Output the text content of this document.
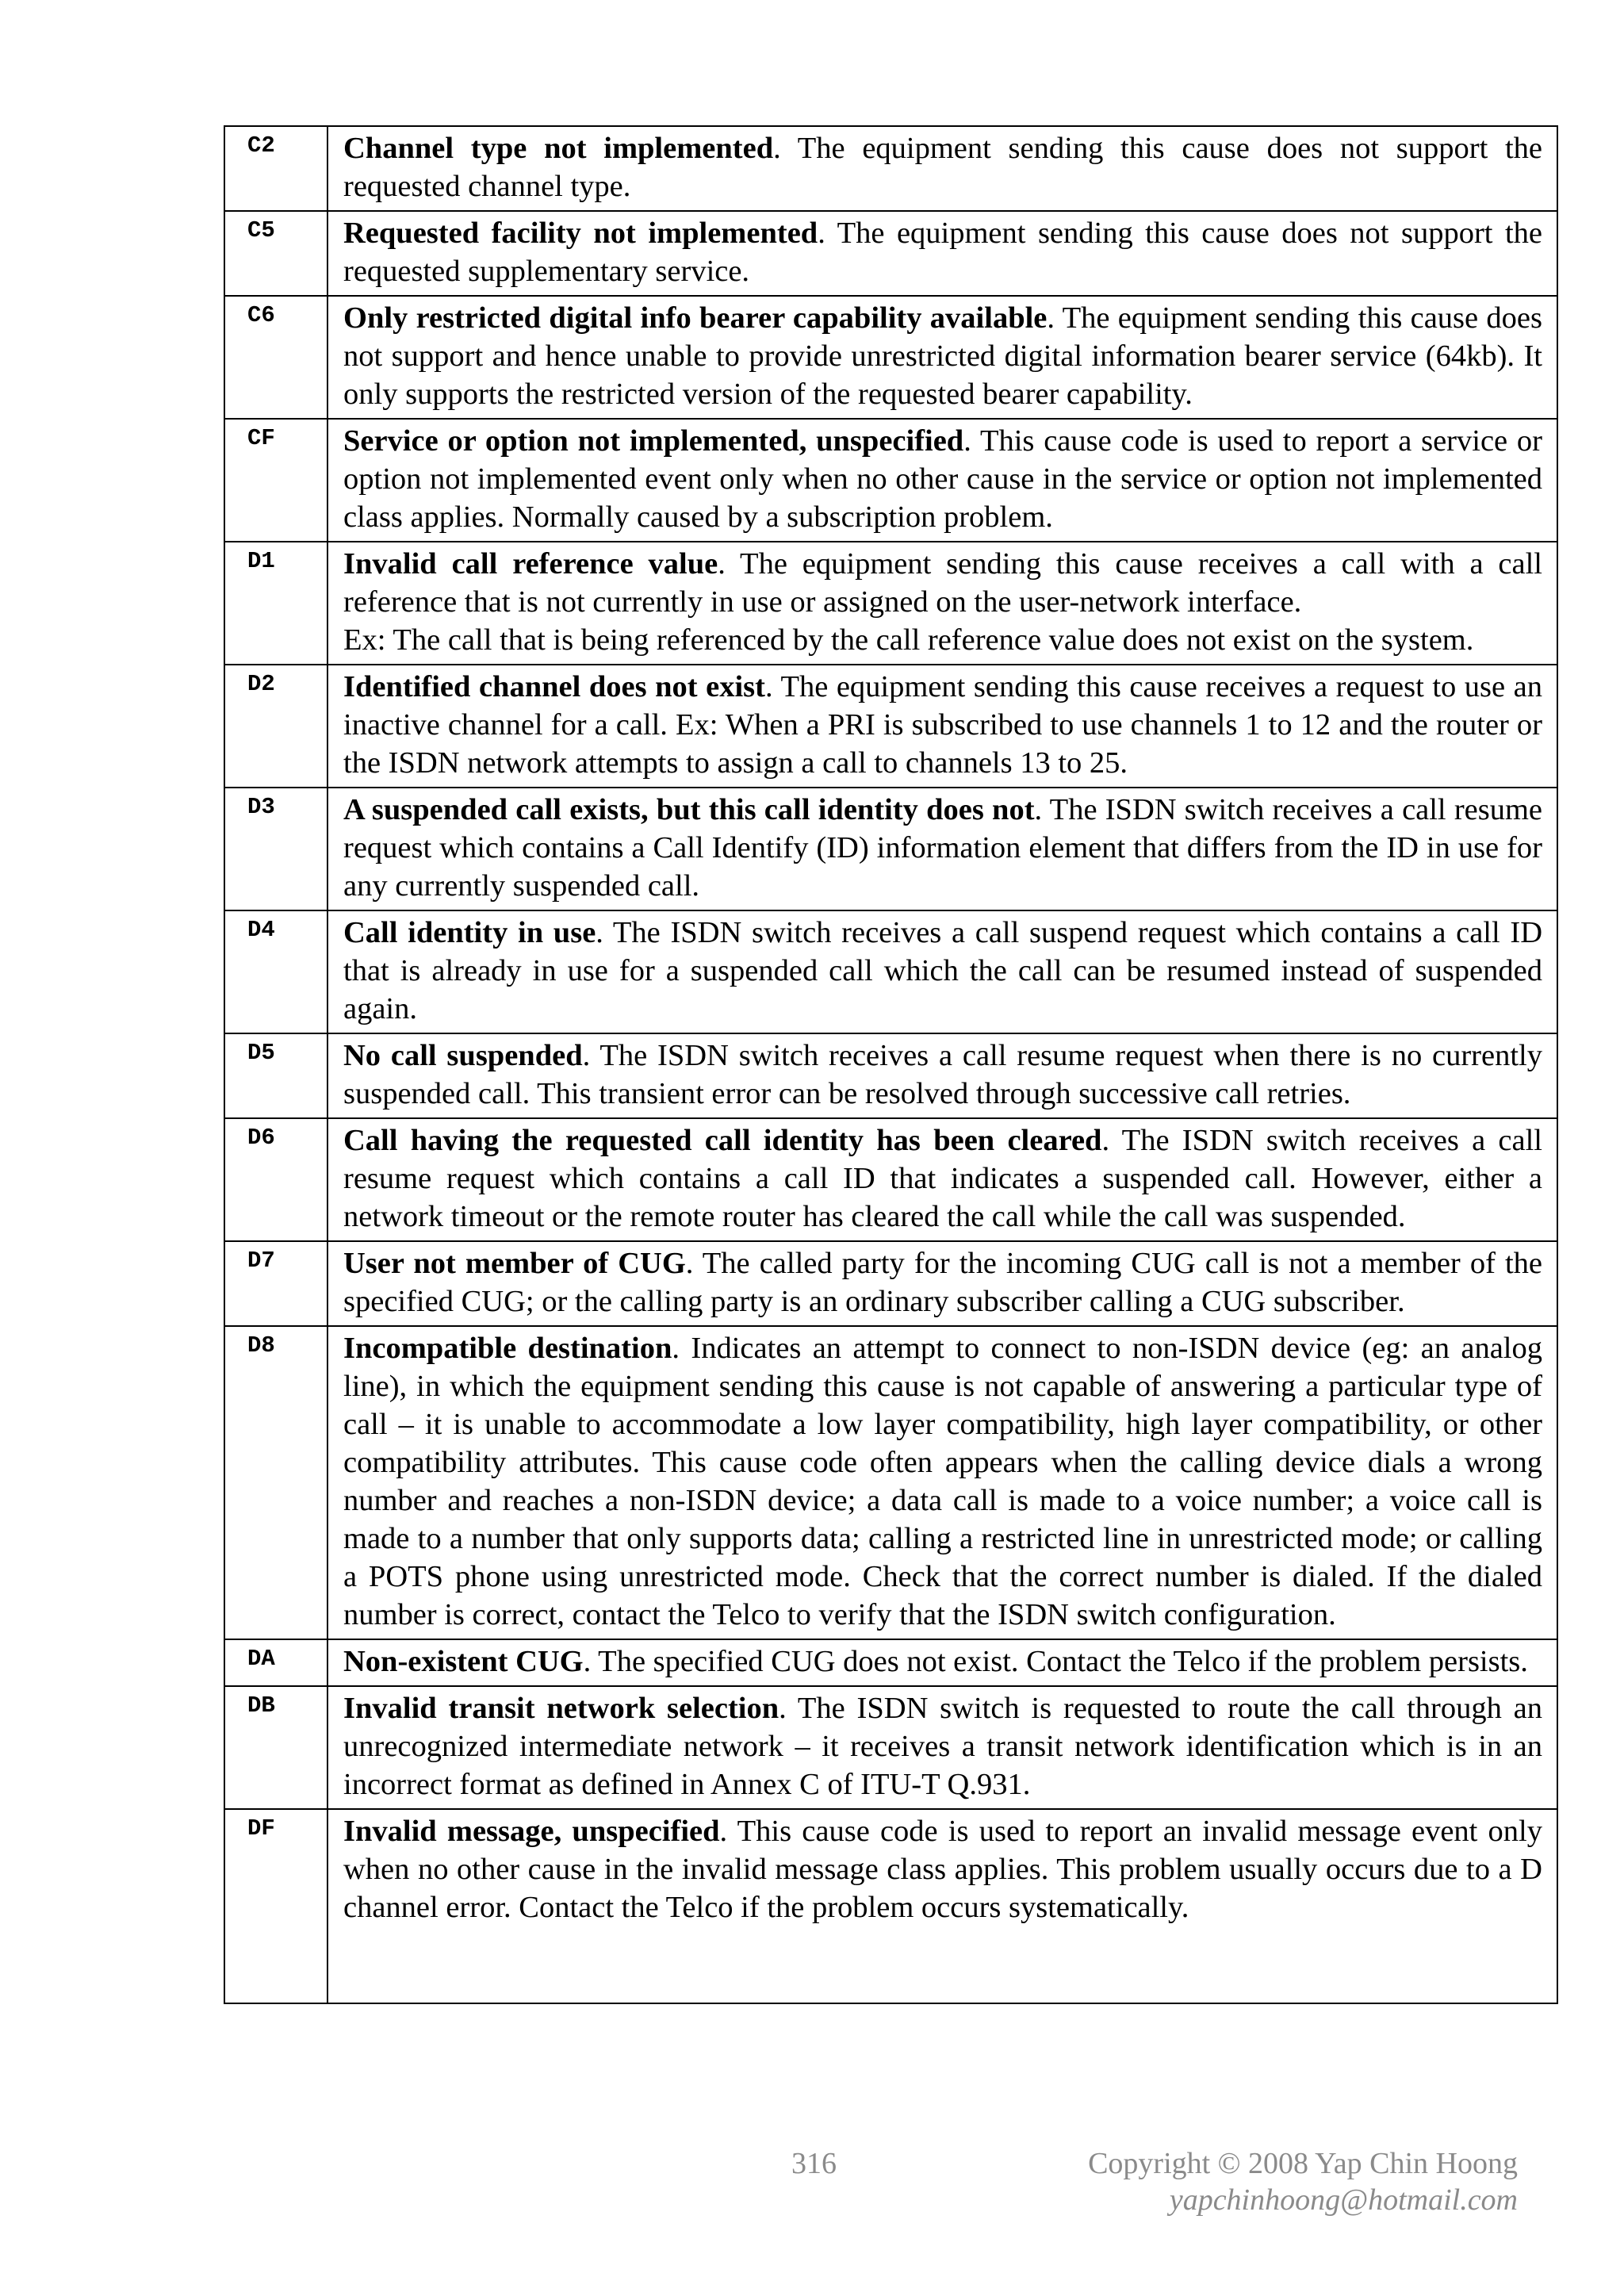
C2	Channel type not implemented. The equipment sending this cause does not support the requested channel type.
C5	Requested facility not implemented. The equipment sending this cause does not support the requested supplementary service.
C6	Only restricted digital info bearer capability available. The equipment sending this cause does not support and hence unable to provide unrestricted digital information bearer service (64kb). It only supports the restricted version of the requested bearer capability.
CF	Service or option not implemented, unspecified. This cause code is used to report a service or option not implemented event only when no other cause in the service or option not implemented class applies. Normally caused by a subscription problem.
D1	Invalid call reference value. The equipment sending this cause receives a call with a call reference that is not currently in use or assigned on the user-network interface.
Ex: The call that is being referenced by the call reference value does not exist on the system.

D2	Identified channel does not exist. The equipment sending this cause receives a request to use an inactive channel for a call. Ex: When a PRI is subscribed to use channels 1 to 12 and the router or the ISDN network attempts to assign a call to channels 13 to 25.
D3	A suspended call exists, but this call identity does not. The ISDN switch receives a call resume request which contains a Call Identify (ID) information element that differs from the ID in use for any currently suspended call.
D4	Call identity in use. The ISDN switch receives a call suspend request which contains a call ID that is already in use for a suspended call which the call can be resumed instead of suspended again.
D5	No call suspended. The ISDN switch receives a call resume request when there is no currently suspended call. This transient error can be resolved through successive call retries.
D6	Call having the requested call identity has been cleared. The ISDN switch receives a call resume request which contains a call ID that indicates a suspended call. However, either a network timeout or the remote router has cleared the call while the call was suspended.
D7	User not member of CUG. The called party for the incoming CUG call is not a member of the specified CUG; or the calling party is an ordinary subscriber calling a CUG subscriber.
D8	Incompatible destination. Indicates an attempt to connect to non-ISDN device (eg: an analog line), in which the equipment sending this cause is not capable of answering a particular type of call – it is unable to accommodate a low layer compatibility, high layer compatibility, or other compatibility attributes. This cause code often appears when the calling device dials a wrong number and reaches a non-ISDN device; a data call is made to a voice number; a voice call is made to a number that only supports data; calling a restricted line in unrestricted mode; or calling a POTS phone using unrestricted mode. Check that the correct number is dialed. If the dialed number is correct, contact the Telco to verify that the ISDN switch configuration.
DA	Non-existent CUG. The specified CUG does not exist. Contact the Telco if the problem persists.
DB	Invalid transit network selection. The ISDN switch is requested to route the call through an unrecognized intermediate network – it receives a transit network identification which is in an incorrect format as defined in Annex C of ITU-T Q.931.
DF	Invalid message, unspecified. This cause code is used to report an invalid message event only when no other cause in the invalid message class applies. This problem usually occurs due to a D channel error. Contact the Telco if the problem occurs systematically.
316	Copyright © 2008 Yap Chin Hoong
yapchinhoong@hotmail.com
